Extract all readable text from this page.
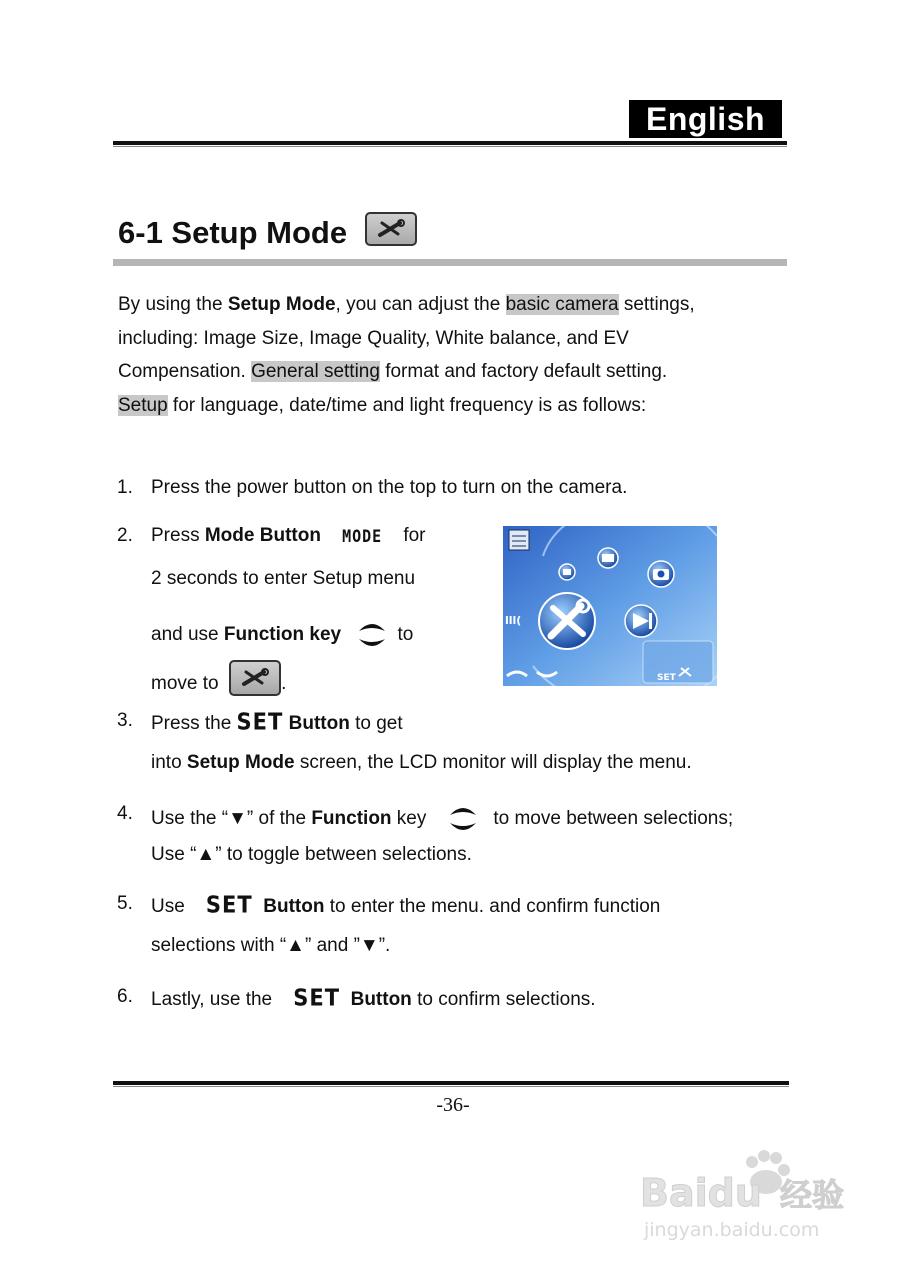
English
6-1 Setup Mode
By using the Setup Mode, you can adjust the basic camera settings,
including: Image Size, Image Quality, White balance, and EV
Compensation. General setting format and factory default setting.
Setup for language, date/time and light frequency is as follows:
1. Press the power button on the top to turn on the camera.
2. Press Mode Button MODE for
2 seconds to enter Setup menu
and use Function key	to
move to	.
lll(
SET
3. Press the SET Button to get
into Setup Mode screen, the LCD monitor will display the menu.
4. Use the “▼” of the Function key	to move between selections;
Use “▲” to toggle between selections.
5. Use SET Button to enter the menu. and confirm function
selections with “▲” and ”▼”.
6. Lastly, use the SET Button to confirm selections.
-36-
Baidu 经验
jingyan.baidu.com
